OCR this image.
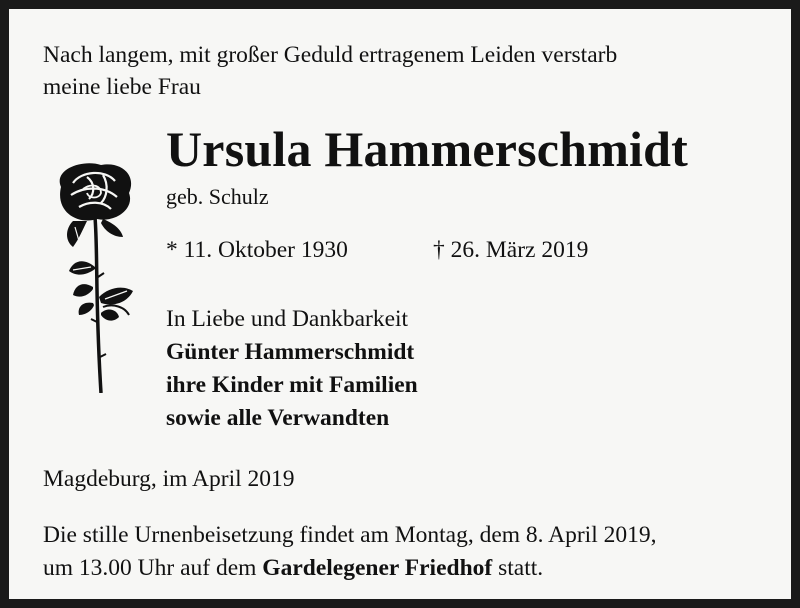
Nach langem, mit großer Geduld ertragenem Leiden verstarb
meine liebe Frau
Ursula Hammerschmidt
geb. Schulz
* 11. Oktober 1930	† 26. März 2019
In Liebe und Dankbarkeit
Günter Hammerschmidt
ihre Kinder mit Familien
sowie alle Verwandten
Magdeburg, im April 2019
Die stille Urnenbeisetzung findet am Montag, dem 8. April 2019,
um 13.00 Uhr auf dem Gardelegener Friedhof statt.
